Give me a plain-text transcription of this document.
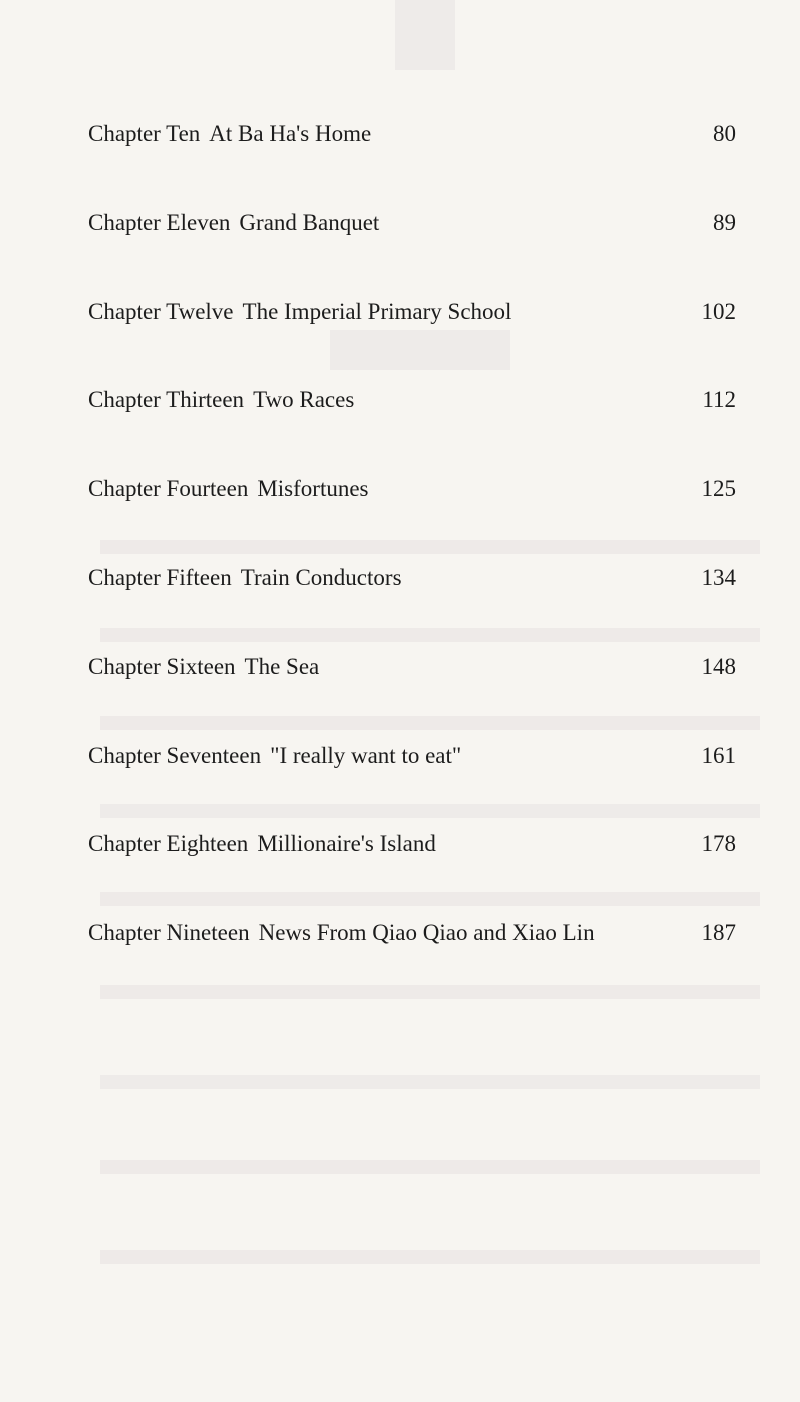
Chapter Ten At Ba Ha's Home	80
Chapter Eleven Grand Banquet	89
Chapter Twelve The Imperial Primary School	102
Chapter Thirteen Two Races	112
Chapter Fourteen Misfortunes	125
Chapter Fifteen Train Conductors	134
Chapter Sixteen The Sea	148
Chapter Seventeen "I really want to eat"	161
Chapter Eighteen Millionaire's Island	178
Chapter Nineteen News From Qiao Qiao and Xiao Lin	187
